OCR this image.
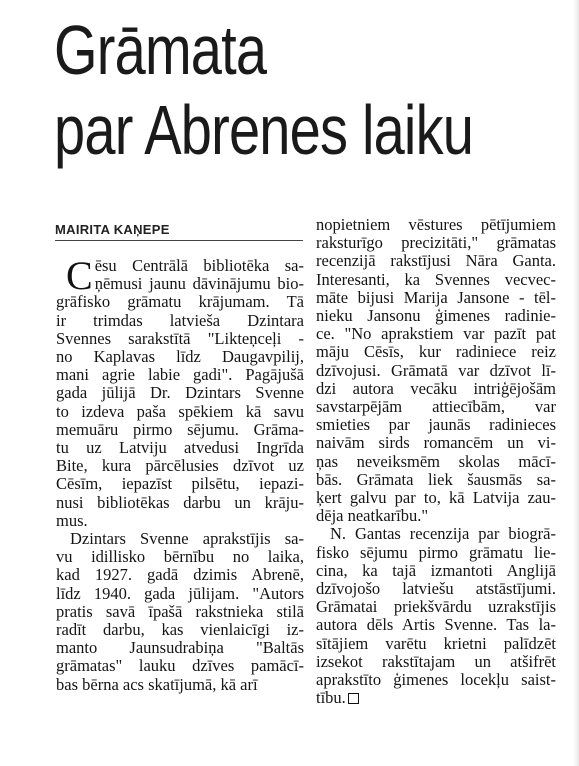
Grāmata
par Abrenes laiku
MAIRITA KAŅEPE
C ēsu Centrālā bibliotēka sa-
ņēmusi jaunu dāvinājumu bio-
grāfisko grāmatu krājumam. Tā
ir trimdas latvieša Dzintara
Svennes sarakstītā "Likteņceļi -
no Kaplavas līdz Daugavpilij,
mani agrie labie gadi". Pagājušā
gada jūlijā Dr. Dzintars Svenne
to izdeva paša spēkiem kā savu
memuāru pirmo sējumu. Grāma-
tu uz Latviju atvedusi Ingrīda
Bite, kura pārcēlusies dzīvot uz
Cēsīm, iepazīst pilsētu, iepazi-
nusi bibliotēkas darbu un krāju-
mus.
Dzintars Svenne aprakstījis sa-
vu idillisko bērnību no laika,
kad 1927. gadā dzimis Abrenē,
līdz 1940. gada jūlijam. "Autors
pratis savā īpašā rakstnieka stilā
radīt darbu, kas vienlaicīgi iz-
manto Jaunsudrabiņa "Baltās
grāmatas" lauku dzīves pamācī-
bas bērna acs skatījumā, kā arī
nopietniem vēstures pētījumiem
raksturīgo precizitāti," grāmatas
recenzijā rakstījusi Nāra Ganta.
Interesanti, ka Svennes vecvec-
māte bijusi Marija Jansone - tēl-
nieku Jansonu ģimenes radinie-
ce. "No aprakstiem var pazīt pat
māju Cēsīs, kur radiniece reiz
dzīvojusi. Grāmatā var dzīvot lī-
dzi autora vecāku intriģējošām
savstarpējām attiecībām, var
smieties par jaunās radinieces
naivām sirds romancēm un vi-
ņas neveiksmēm skolas mācī-
bās. Grāmata liek šausmās sa-
ķert galvu par to, kā Latvija zau-
dēja neatkarību."
N. Gantas recenzija par biogrā-
fisko sējumu pirmo grāmatu lie-
cina, ka tajā izmantoti Anglijā
dzīvojošo latviešu atstāstījumi.
Grāmatai priekšvārdu uzrakstījis
autora dēls Artis Svenne. Tas la-
sītājiem varētu krietni palīdzēt
izsekot rakstītajam un atšifrēt
aprakstīto ģimenes locekļu saist-
tību.
